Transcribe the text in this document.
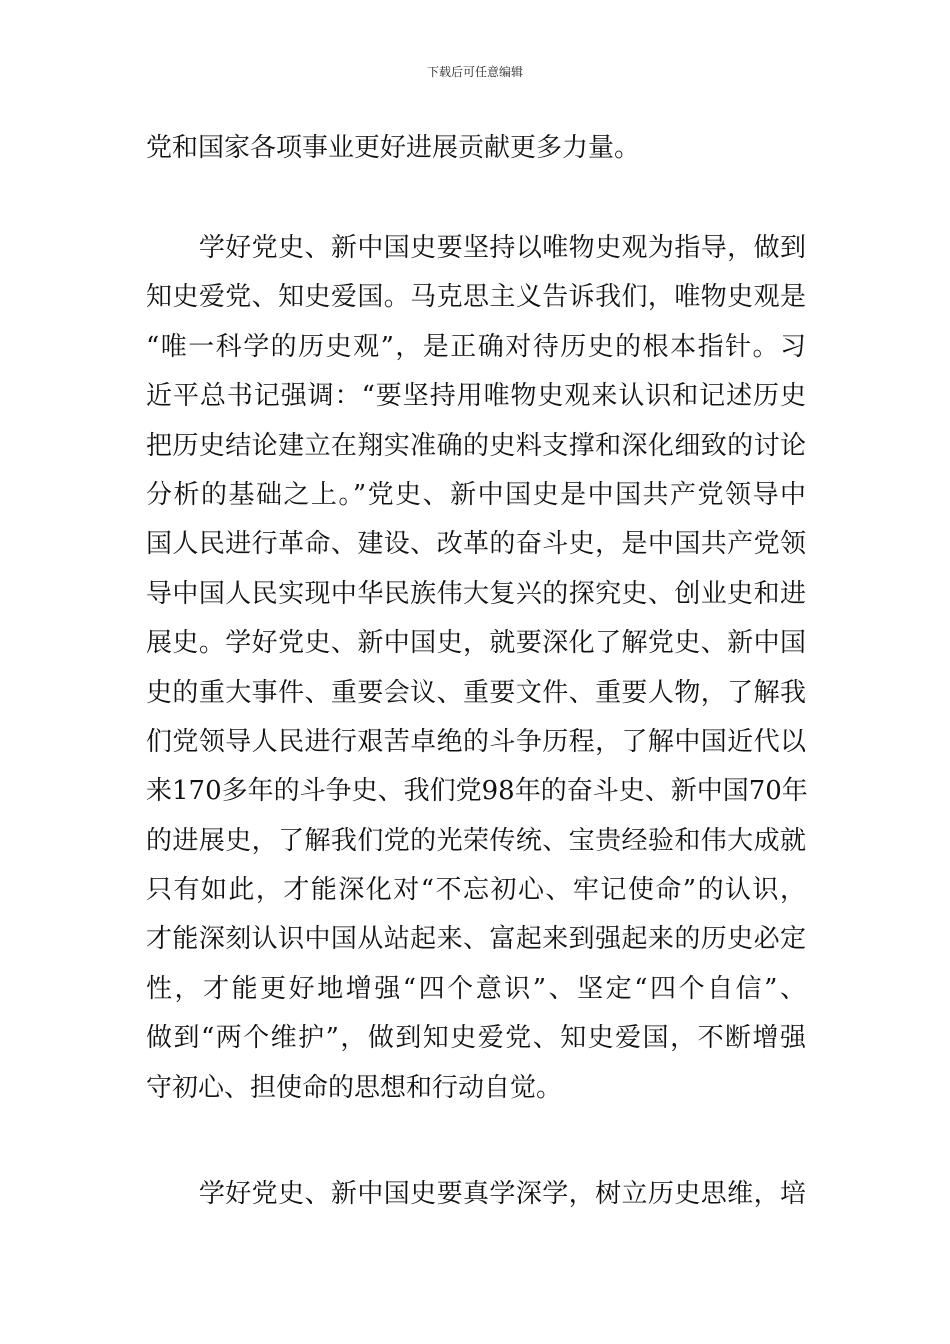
下载后可任意编辑
党和国家各项事业更好进展贡献更多力量。
　　学好党史、新中国史要坚持以唯物史观为指导，做到
知史爱党、知史爱国。马克思主义告诉我们，唯物史观是
“唯一科学的历史观”，是正确对待历史的根本指针。习
近平总书记强调：“要坚持用唯物史观来认识和记述历史
把历史结论建立在翔实准确的史料支撑和深化细致的讨论
分析的基础之上。”党史、新中国史是中国共产党领导中
国人民进行革命、建设、改革的奋斗史，是中国共产党领
导中国人民实现中华民族伟大复兴的探究史、创业史和进
展史。学好党史、新中国史，就要深化了解党史、新中国
史的重大事件、重要会议、重要文件、重要人物，了解我
们党领导人民进行艰苦卓绝的斗争历程，了解中国近代以
来170多年的斗争史、我们党98年的奋斗史、新中国70年
的进展史，了解我们党的光荣传统、宝贵经验和伟大成就
只有如此，才能深化对“不忘初心、牢记使命”的认识，
才能深刻认识中国从站起来、富起来到强起来的历史必定
性，才能更好地增强“四个意识”、坚定“四个自信”、
做到“两个维护”，做到知史爱党、知史爱国，不断增强
守初心、担使命的思想和行动自觉。
　　学好党史、新中国史要真学深学，树立历史思维，培
